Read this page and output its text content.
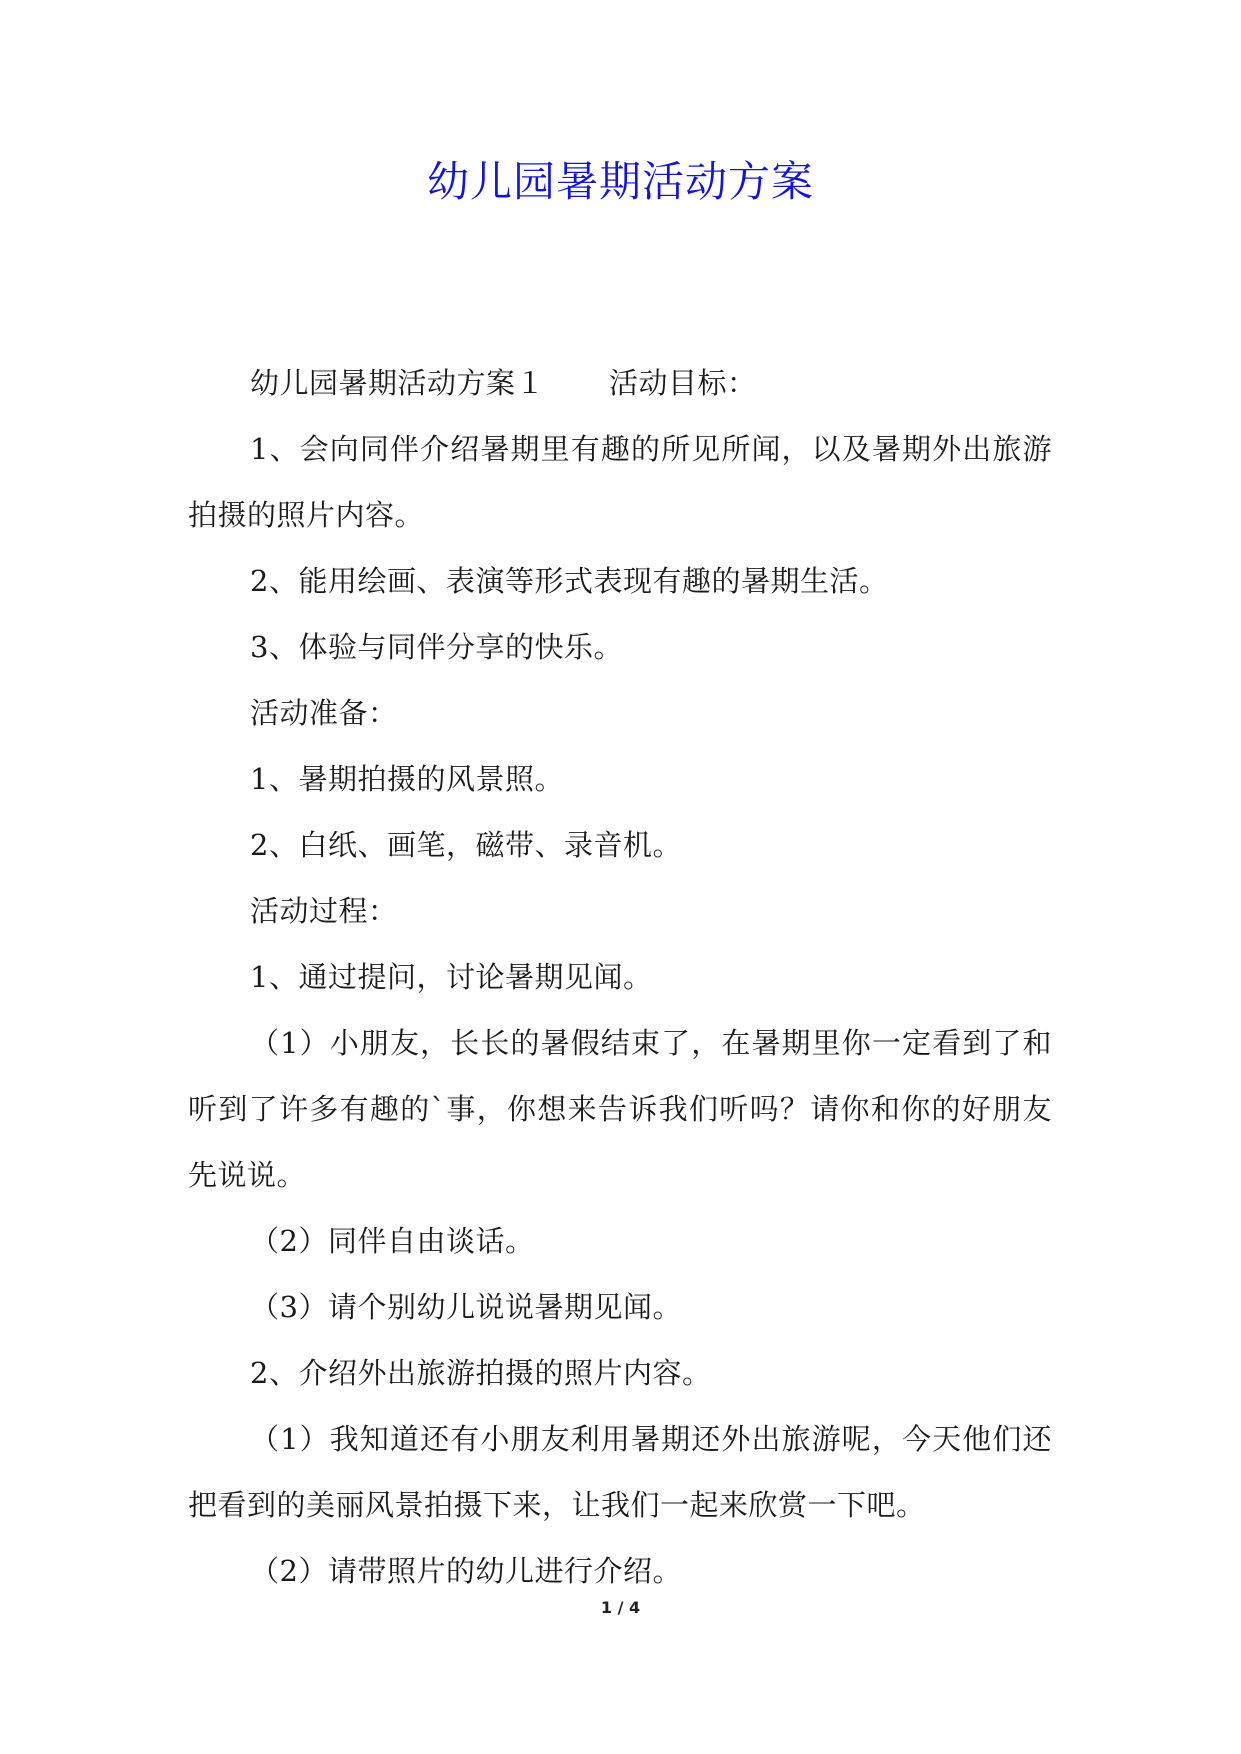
幼儿园暑期活动方案

幼儿园暑期活动方案１ 活动目标：

1、会向同伴介绍暑期里有趣的所见所闻，以及暑期外出旅游拍摄的照片内容。

2、能用绘画、表演等形式表现有趣的暑期生活。

3、体验与同伴分享的快乐。

活动准备：

1、暑期拍摄的风景照。

2、白纸、画笔，磁带、录音机。

活动过程：

1、通过提问，讨论暑期见闻。

（1）小朋友，长长的暑假结束了，在暑期里你一定看到了和听到了许多有趣的`事，你想来告诉我们听吗？请你和你的好朋友先说说。

（2）同伴自由谈话。

（3）请个别幼儿说说暑期见闻。

2、介绍外出旅游拍摄的照片内容。

（1）我知道还有小朋友利用暑期还外出旅游呢，今天他们还把看到的美丽风景拍摄下来，让我们一起来欣赏一下吧。

（2）请带照片的幼儿进行介绍。

1 / 4
